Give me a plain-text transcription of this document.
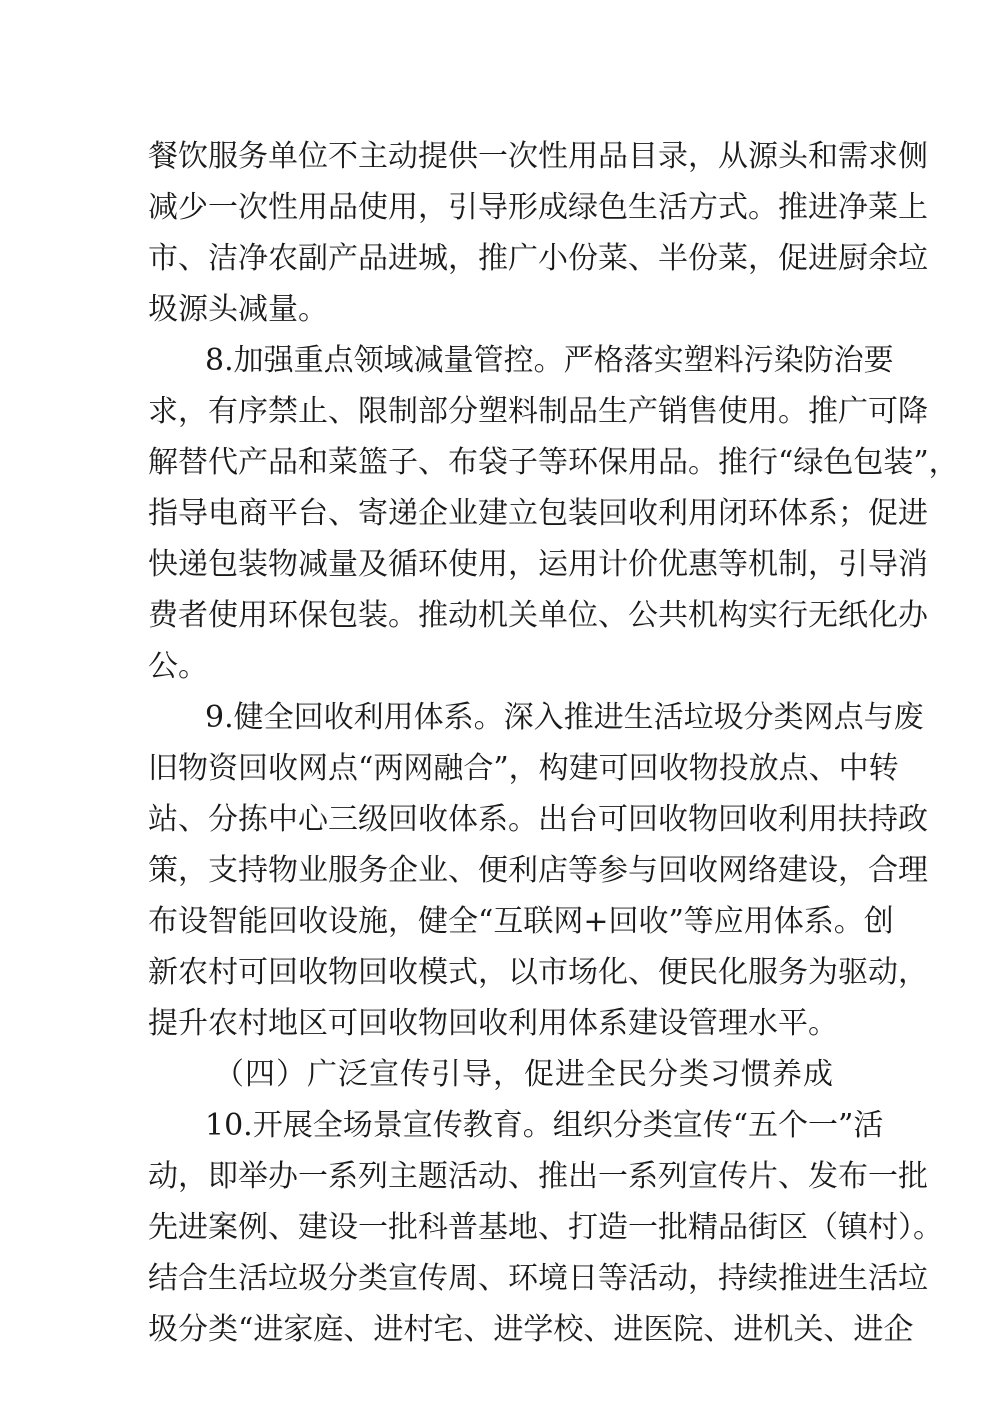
餐饮服务单位不主动提供一次性用品目录，从源头和需求侧
减少一次性用品使用，引导形成绿色生活方式。推进净菜上
市、洁净农副产品进城，推广小份菜、半份菜，促进厨余垃
圾源头减量。
8.加强重点领域减量管控。严格落实塑料污染防治要
求，有序禁止、限制部分塑料制品生产销售使用。推广可降
解替代产品和菜篮子、布袋子等环保用品。推行“绿色包装”，
指导电商平台、寄递企业建立包装回收利用闭环体系；促进
快递包装物减量及循环使用，运用计价优惠等机制，引导消
费者使用环保包装。推动机关单位、公共机构实行无纸化办
公。
9.健全回收利用体系。深入推进生活垃圾分类网点与废
旧物资回收网点“两网融合”，构建可回收物投放点、中转
站、分拣中心三级回收体系。出台可回收物回收利用扶持政
策，支持物业服务企业、便利店等参与回收网络建设，合理
布设智能回收设施，健全“互联网+回收”等应用体系。创
新农村可回收物回收模式，以市场化、便民化服务为驱动，
提升农村地区可回收物回收利用体系建设管理水平。
（四）广泛宣传引导，促进全民分类习惯养成
10.开展全场景宣传教育。组织分类宣传“五个一”活
动，即举办一系列主题活动、推出一系列宣传片、发布一批
先进案例、建设一批科普基地、打造一批精品街区（镇村）。
结合生活垃圾分类宣传周、环境日等活动，持续推进生活垃
圾分类“进家庭、进村宅、进学校、进医院、进机关、进企
